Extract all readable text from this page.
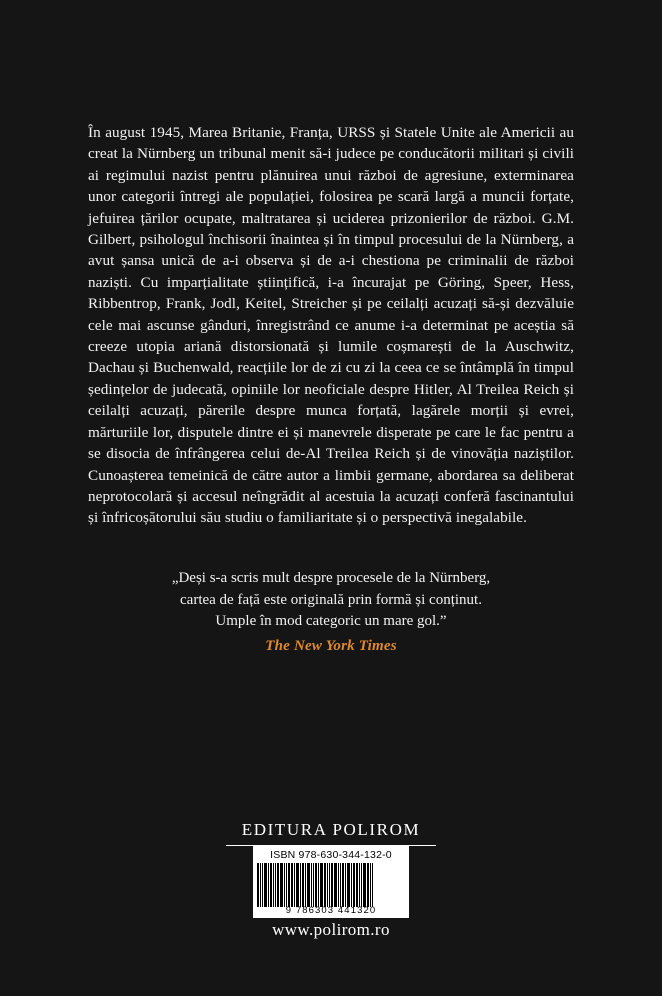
În august 1945, Marea Britanie, Franța, URSS și Statele Unite ale Americii au creat la Nürnberg un tribunal menit să-i judece pe conducătorii militari și civili ai regimului nazist pentru plănuirea unui război de agresiune, exterminarea unor categorii întregi ale populației, folosirea pe scară largă a muncii forțate, jefuirea țărilor ocupate, maltratarea și uciderea prizonierilor de război. G.M. Gilbert, psihologul închisorii înaintea și în timpul procesului de la Nürnberg, a avut șansa unică de a-i observa și de a-i chestiona pe criminalii de război naziști. Cu imparțialitate științifică, i-a încurajat pe Göring, Speer, Hess, Ribbentrop, Frank, Jodl, Keitel, Streicher și pe ceilalți acuzați să-și dezvăluie cele mai ascunse gânduri, înregistrând ce anume i-a determinat pe aceștia să creeze utopia ariană distorsionată și lumile coșmarești de la Auschwitz, Dachau și Buchenwald, reacțiile lor de zi cu zi la ceea ce se întâmplă în timpul ședințelor de judecată, opiniile lor neoficiale despre Hitler, Al Treilea Reich și ceilalți acuzați, părerile despre munca forțată, lagărele morții și evrei, mărturiile lor, disputele dintre ei și manevrele disperate pe care le fac pentru a se disocia de înfrângerea celui de-Al Treilea Reich și de vinovăția naziștilor. Cunoașterea temeinică de către autor a limbii germane, abordarea sa deliberat neprotocolară și accesul neîngrădit al acestuia la acuzați conferă fascinantului și înfricoșătorului său studiu o familiaritate și o perspectivă inegalabile.

„Deși s-a scris mult despre procesele de la Nürnberg,
cartea de față este originală prin formă și conținut.
Umple în mod categoric un mare gol.”
The New York Times
EDITURA POLIROM
ISBN 978-630-344-132-0
9 786303 441320
www.polirom.ro
